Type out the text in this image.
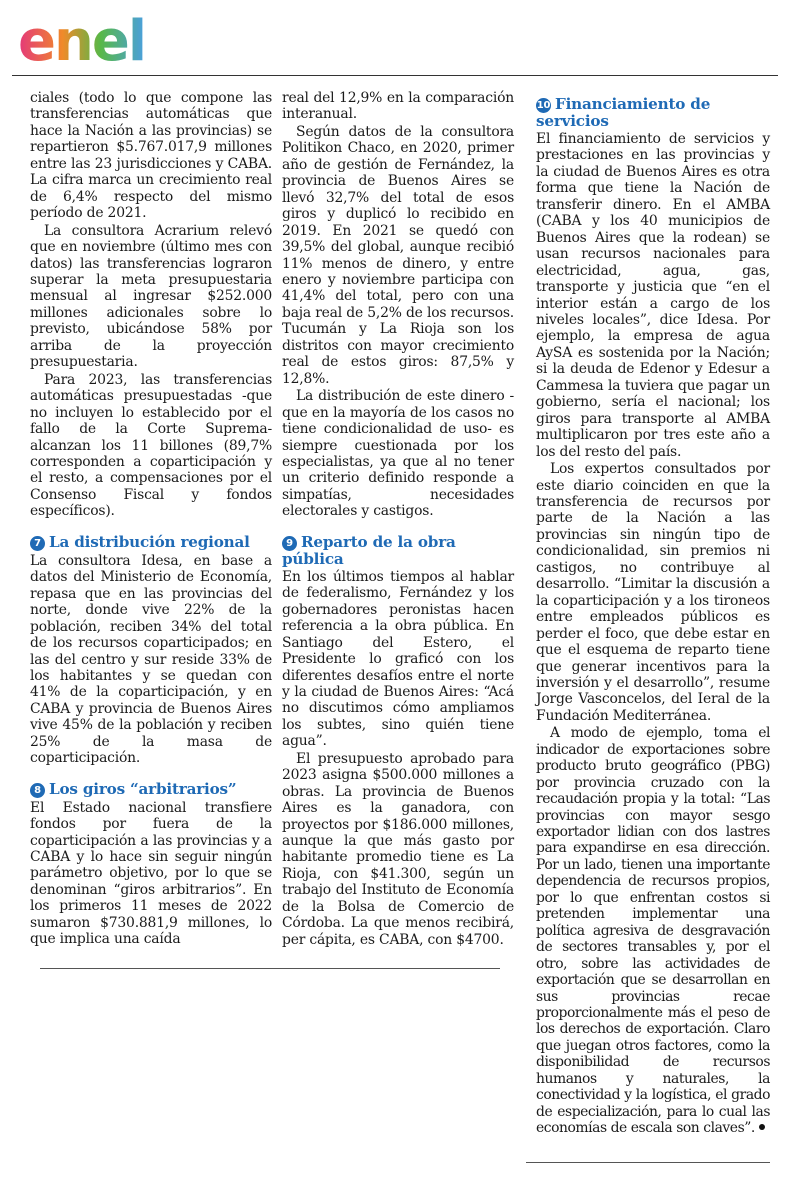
enel

ciales (todo lo que compone las transferencias automáticas que hace la Nación a las provincias) se repartieron $5.767.017,9 millones entre las 23 jurisdicciones y CABA. La cifra marca un crecimiento real de 6,4% respecto del mismo período de 2021.

La consultora Acrarium relevó que en noviembre (último mes con datos) las transferencias lograron superar la meta presupuestaria mensual al ingresar $252.000 millones adicionales sobre lo previsto, ubicándose 58% por arriba de la proyección presupuestaria.

Para 2023, las transferencias automáticas presupuestadas -que no incluyen lo establecido por el fallo de la Corte Suprema- alcanzan los 11 billones (89,7% corresponden a coparticipación y el resto, a compensaciones por el Consenso Fiscal y fondos específicos).

7 La distribución regional

La consultora Idesa, en base a datos del Ministerio de Economía, repasa que en las provincias del norte, donde vive 22% de la población, reciben 34% del total de los recursos coparticipados; en las del centro y sur reside 33% de los habitantes y se quedan con 41% de la coparticipación, y en CABA y provincia de Buenos Aires vive 45% de la población y reciben 25% de la masa de coparticipación.

8 Los giros “arbitrarios”

El Estado nacional transfiere fondos por fuera de la coparticipación a las provincias y a CABA y lo hace sin seguir ningún parámetro objetivo, por lo que se denominan “giros arbitrarios”. En los primeros 11 meses de 2022 sumaron $730.881,9 millones, lo que implica una caída

real del 12,9% en la comparación interanual.

Según datos de la consultora Politikon Chaco, en 2020, primer año de gestión de Fernández, la provincia de Buenos Aires se llevó 32,7% del total de esos giros y duplicó lo recibido en 2019. En 2021 se quedó con 39,5% del global, aunque recibió 11% menos de dinero, y entre enero y noviembre participa con 41,4% del total, pero con una baja real de 5,2% de los recursos. Tucumán y La Rioja son los distritos con mayor crecimiento real de estos giros: 87,5% y 12,8%.

La distribución de este dinero -que en la mayoría de los casos no tiene condicionalidad de uso- es siempre cuestionada por los especialistas, ya que al no tener un criterio definido responde a simpatías, necesidades electorales y castigos.

9 Reparto de la obra pública

En los últimos tiempos al hablar de federalismo, Fernández y los gobernadores peronistas hacen referencia a la obra pública. En Santiago del Estero, el Presidente lo graficó con los diferentes desafíos entre el norte y la ciudad de Buenos Aires: “Acá no discutimos cómo ampliamos los subtes, sino quién tiene agua”.

El presupuesto aprobado para 2023 asigna $500.000 millones a obras. La provincia de Buenos Aires es la ganadora, con proyectos por $186.000 millones, aunque la que más gasto por habitante promedio tiene es La Rioja, con $41.300, según un trabajo del Instituto de Economía de la Bolsa de Comercio de Córdoba. La que menos recibirá, per cápita, es CABA, con $4700.

10 Financiamiento de servicios

El financiamiento de servicios y prestaciones en las provincias y la ciudad de Buenos Aires es otra forma que tiene la Nación de transferir dinero. En el AMBA (CABA y los 40 municipios de Buenos Aires que la rodean) se usan recursos nacionales para electricidad, agua, gas, transporte y justicia que “en el interior están a cargo de los niveles locales”, dice Idesa. Por ejemplo, la empresa de agua AySA es sostenida por la Nación; si la deuda de Edenor y Edesur a Cammesa la tuviera que pagar un gobierno, sería el nacional; los giros para transporte al AMBA multiplicaron por tres este año a los del resto del país.

Los expertos consultados por este diario coinciden en que la transferencia de recursos por parte de la Nación a las provincias sin ningún tipo de condicionalidad, sin premios ni castigos, no contribuye al desarrollo. “Limitar la discusión a la coparticipación y a los tironeos entre empleados públicos es perder el foco, que debe estar en que el esquema de reparto tiene que generar incentivos para la inversión y el desarrollo”, resume Jorge Vasconcelos, del Ieral de la Fundación Mediterránea.

A modo de ejemplo, toma el indicador de exportaciones sobre producto bruto geográfico (PBG) por provincia cruzado con la recaudación propia y la total: “Las provincias con mayor sesgo exportador lidian con dos lastres para expandirse en esa dirección. Por un lado, tienen una importante dependencia de recursos propios, por lo que enfrentan costos si pretenden implementar una política agresiva de desgravación de sectores transables y, por el otro, sobre las actividades de exportación que se desarrollan en sus provincias recae proporcionalmente más el peso de los derechos de exportación. Claro que juegan otros factores, como la disponibilidad de recursos humanos y naturales, la conectividad y la logística, el grado de especialización, para lo cual las economías de escala son claves”.
